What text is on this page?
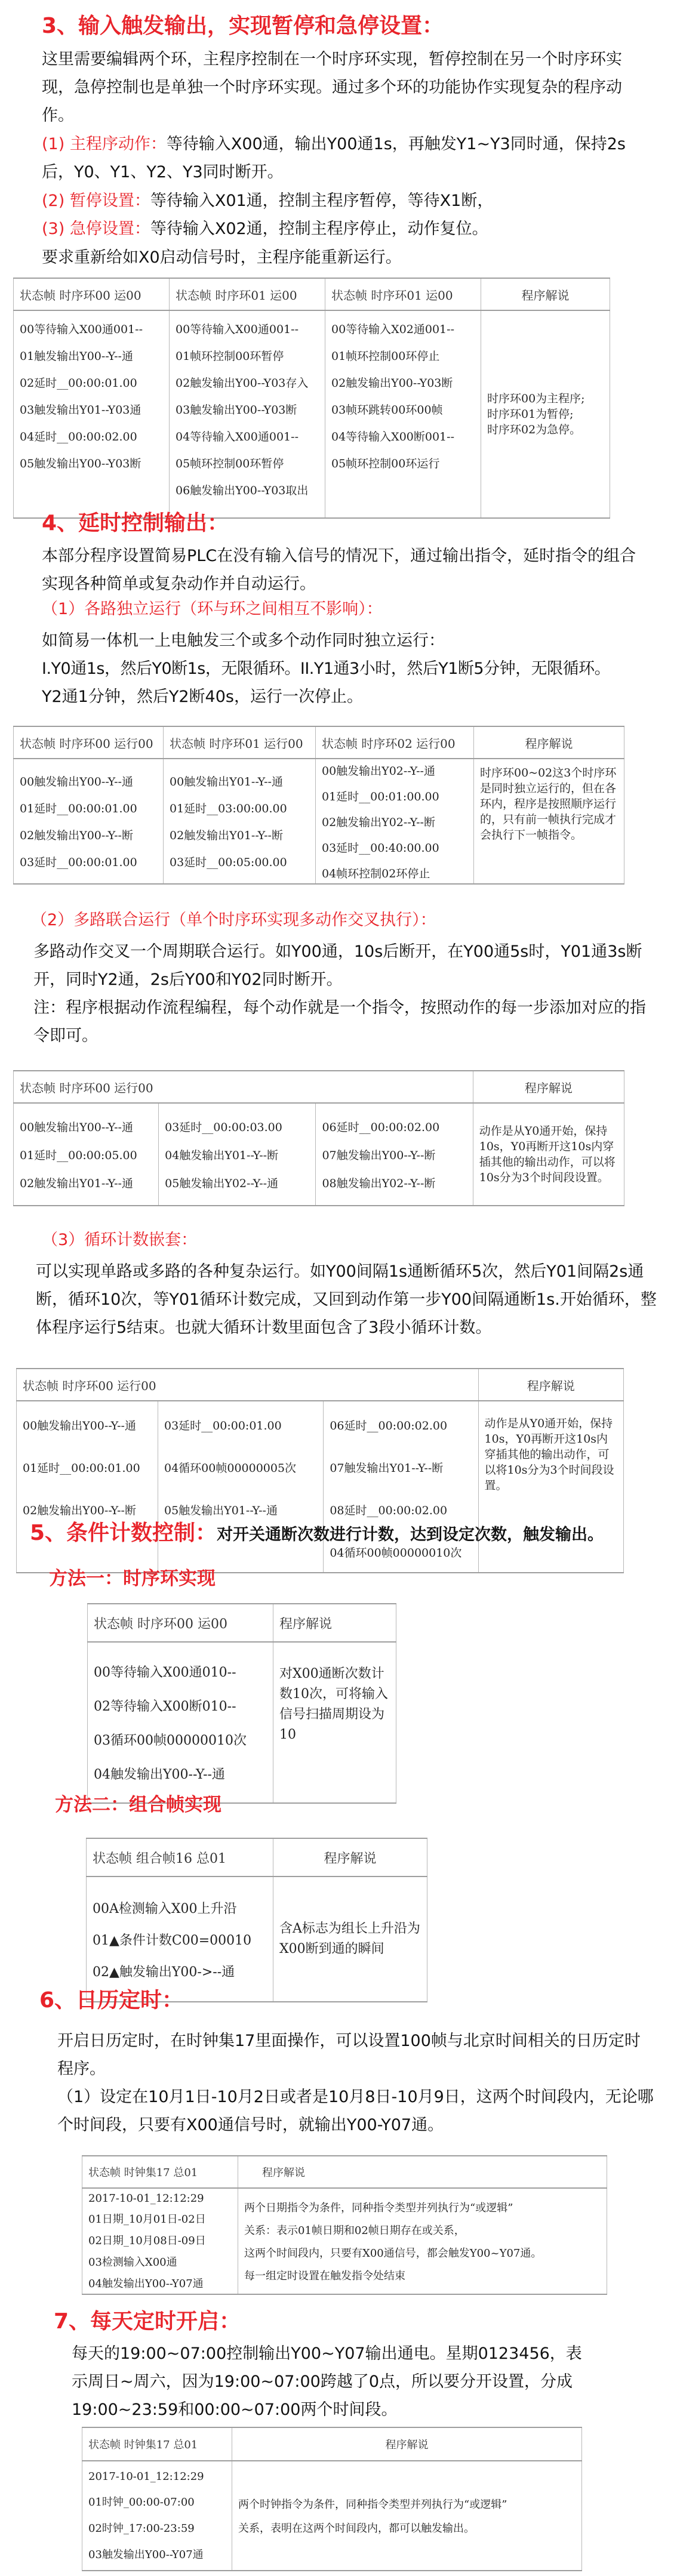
3、输入触发输出，实现暂停和急停设置：
这里需要编辑两个环，主程序控制在一个时序环实现，暂停控制在另一个时序环实现，急停控制也是单独一个时序环实现。通过多个环的功能协作实现复杂的程序动作。
(1) 主程序动作：等待输入X00通，输出Y00通1s，再触发Y1~Y3同时通，保持2s后，Y0、Y1、Y2、Y3同时断开。
(2) 暂停设置：等待输入X01通，控制主程序暂停，等待X1断，
(3) 急停设置：等待输入X02通，控制主程序停止，动作复位。
要求重新给如X0启动信号时，主程序能重新运行。
状态帧 时序环00 运00	状态帧 时序环01 运00	状态帧 时序环01 运00	程序解说

00等待输入X00通001--
01触发输出Y00--Y--通
02延时__00:00:01.00
03触发输出Y01--Y03通
04延时__00:00:02.00
05触发输出Y00--Y03断

00等待输入X00通001--
01帧环控制00环暂停
02触发输出Y00--Y03存入
03触发输出Y00--Y03断
04等待输入X00通001--
05帧环控制00环暂停
06触发输出Y00--Y03取出

00等待输入X02通001--
01帧环控制00环停止
02触发输出Y00--Y03断
03帧环跳转00环00帧
04等待输入X00断001--
05帧环控制00环运行

时序环00为主程序;
时序环01为暂停;
时序环02为急停。
4、延时控制输出：
本部分程序设置简易PLC在没有输入信号的情况下，通过输出指令，延时指令的组合实现各种简单或复杂动作并自动运行。
（1）各路独立运行（环与环之间相互不影响）：
如简易一体机一上电触发三个或多个动作同时独立运行：
I.Y0通1s，然后Y0断1s，无限循环。II.Y1通3小时，然后Y1断5分钟，无限循环。
Y2通1分钟，然后Y2断40s，运行一次停止。
状态帧 时序环00 运行00	状态帧 时序环01 运行00	状态帧 时序环02 运行00	程序解说

00触发输出Y00--Y--通
01延时__00:00:01.00
02触发输出Y00--Y--断
03延时__00:00:01.00

00触发输出Y01--Y--通
01延时__03:00:00.00
02触发输出Y01--Y--断
03延时__00:05:00.00

00触发输出Y02--Y--通
01延时__00:01:00.00
02触发输出Y02--Y--断
03延时__00:40:00.00
04帧环控制02环停止
	时序环00~02这3个时序环是同时独立运行的，但在各环内，程序是按照顺序运行的，只有前一帧执行完成才会执行下一帧指令。
（2）多路联合运行（单个时序环实现多动作交叉执行）：
多路动作交叉一个周期联合运行。如Y00通，10s后断开，在Y00通5s时，Y01通3s断开，同时Y2通，2s后Y00和Y02同时断开。
注：程序根据动作流程编程，每个动作就是一个指令，按照动作的每一步添加对应的指令即可。
状态帧 时序环00 运行00			程序解说

00触发输出Y00--Y--通
01延时__00:00:05.00
02触发输出Y01--Y--通

03延时__00:00:03.00
04触发输出Y01--Y--断
05触发输出Y02--Y--通

06延时__00:00:02.00
07触发输出Y00--Y--断
08触发输出Y02--Y--断
	动作是从Y0通开始，保持10s，Y0再断开这10s内穿插其他的输出动作，可以将10s分为3个时间段设置。
（3）循环计数嵌套：
可以实现单路或多路的各种复杂运行。如Y00间隔1s通断循环5次，然后Y01间隔2s通断，循环10次，等Y01循环计数完成，又回到动作第一步Y00间隔通断1s.开始循环，整体程序运行5结束。也就大循环计数里面包含了3段小循环计数。
状态帧 时序环00 运行00			程序解说

00触发输出Y00--Y--通
01延时__00:00:01.00
02触发输出Y00--Y--断

03延时__00:00:01.00
04循环00帧00000005次
05触发输出Y01--Y--通

06延时__00:00:02.00
07触发输出Y01--Y--断
08延时__00:00:02.00
04循环00帧00000010次
	动作是从Y0通开始，保持10s，Y0再断开这10s内穿插其他的输出动作，可以将10s分为3个时间段设置。
5、条件计数控制：对开关通断次数进行计数，达到设定次数，触发输出。
方法一：时序环实现
状态帧 时序环00 运00	程序解说

00等待输入X00通010--
02等待输入X00断010--
03循环00帧00000010次
04触发输出Y00--Y--通	对X00通断次数计数10次，可将输入信号扫描周期设为10
方法二：组合帧实现
状态帧 组合帧16 总01	程序解说

00A检测输入X00上升沿
01▲条件计数C00=00010
02▲触发输出Y00->--通	含A标志为组长上升沿为X00断到通的瞬间
6、日历定时：
开启日历定时，在时钟集17里面操作，可以设置100帧与北京时间相关的日历定时程序。
（1）设定在10月1日-10月2日或者是10月8日-10月9日，这两个时间段内，无论哪个时间段，只要有X00通信号时，就输出Y00-Y07通。
状态帧 时钟集17 总01	程序解说

2017-10-01_12:12:29
01日期_10月01日-02日
02日期_10月08日-09日
03检测输入X00通
04触发输出Y00--Y07通

两个日期指令为条件，同种指令类型并列执行为“或逻辑”
关系：表示01帧日期和02帧日期存在或关系，
这两个时间段内，只要有X00通信号，都会触发Y00~Y07通。
每一组定时设置在触发指令处结束
7、每天定时开启：
每天的19:00~07:00控制输出Y00~Y07输出通电。星期0123456，表示周日~周六，因为19:00~07:00跨越了0点，所以要分开设置，分成19:00~23:59和00:00~07:00两个时间段。
状态帧 时钟集17 总01	程序解说

2017-10-01_12:12:29
01时钟_00:00-07:00
02时钟_17:00-23:59
03触发输出Y00--Y07通

两个时钟指令为条件，同种指令类型并列执行为“或逻辑”
关系，表明在这两个时间段内，都可以触发输出。
